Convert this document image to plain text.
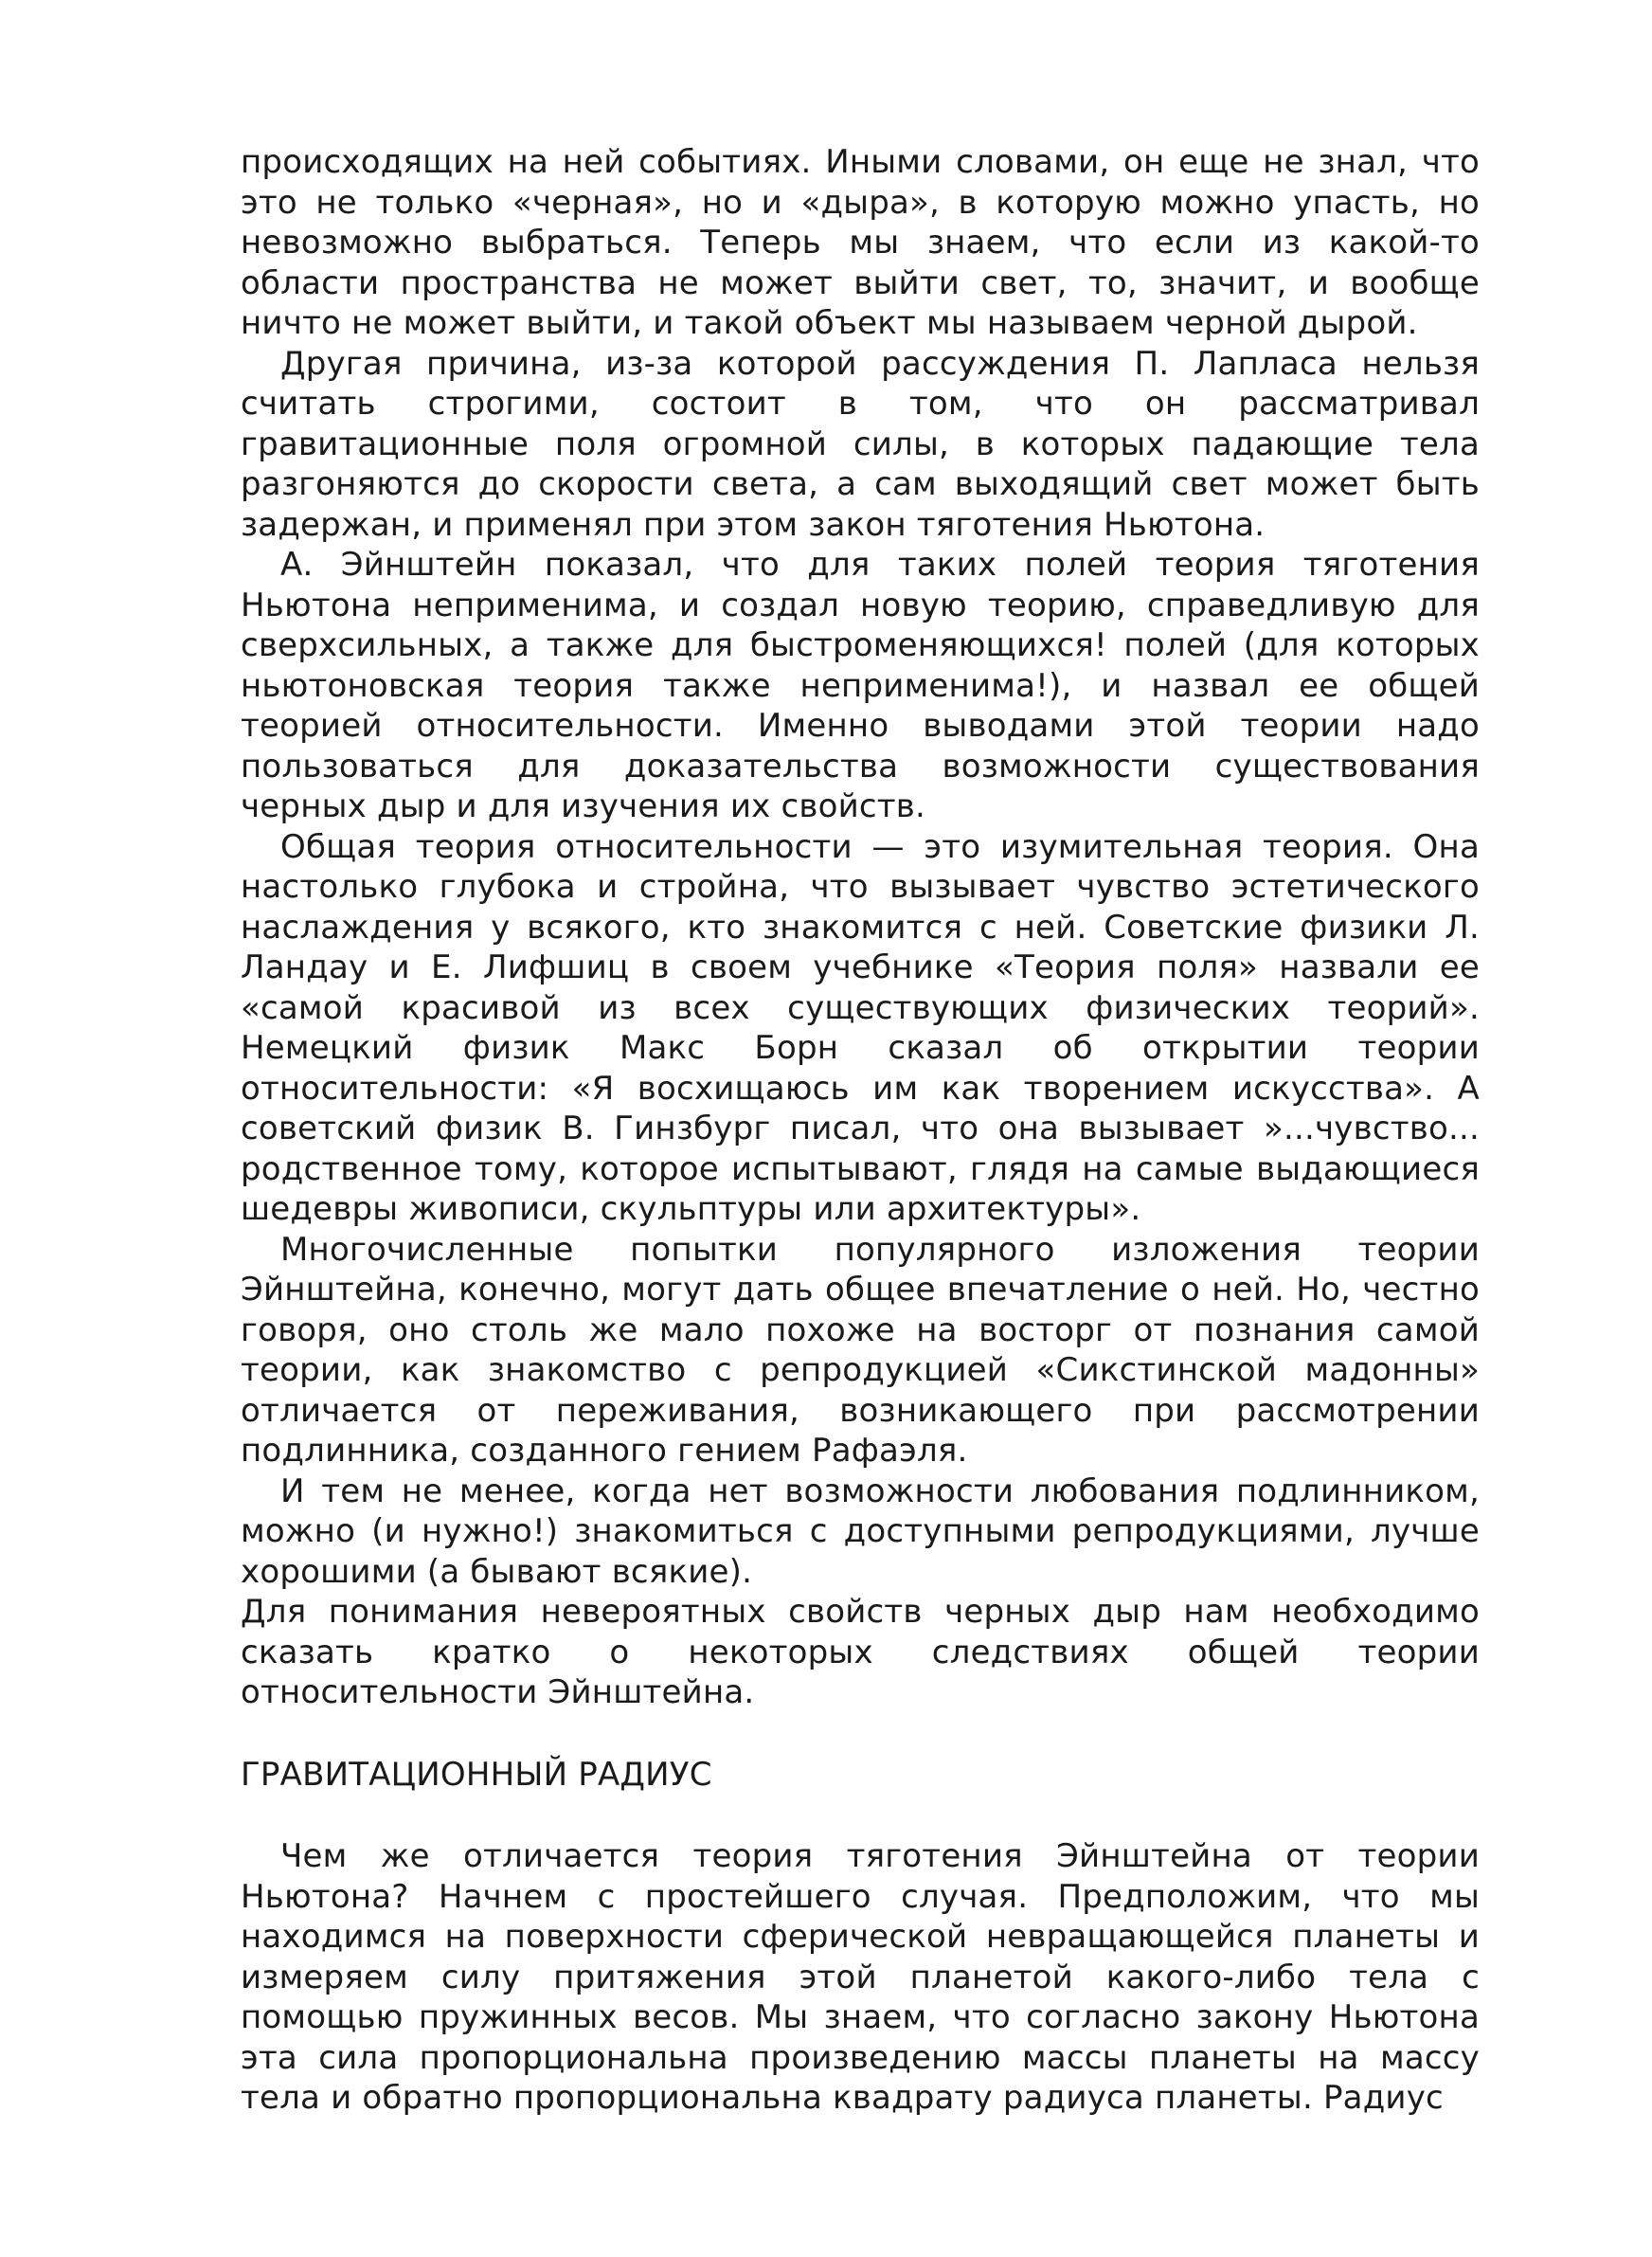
происходящих на ней событиях. Иными словами, он еще не знал, что это не только «черная», но и «дыра», в которую можно упасть, но невозможно выбраться. Теперь мы знаем, что если из какой-то области пространства не может выйти свет, то, значит, и вообще ничто не может выйти, и такой объект мы называем черной дырой.

Другая причина, из-за которой рассуждения П. Лапласа нельзя считать строгими, состоит в том, что он рассматривал гравитационные поля огромной силы, в которых падающие тела разгоняются до скорости света, а сам выходящий свет может быть задержан, и применял при этом закон тяготения Ньютона.

А. Эйнштейн показал, что для таких полей теория тяготения Ньютона неприменима, и создал новую теорию, справедливую для сверхсильных, а также для быстроменяющихся! полей (для которых ньютоновская теория также неприменима!), и назвал ее общей теорией относительности. Именно выводами этой теории надо пользоваться для доказательства возможности существования черных дыр и для изучения их свойств.

Общая теория относительности — это изумительная теория. Она настолько глубока и стройна, что вызывает чувство эстетического наслаждения у всякого, кто знакомится с ней. Советские физики Л. Ландау и Е. Лифшиц в своем учебнике «Теория поля» назвали ее «самой красивой из всех существующих физических теорий». Немецкий физик Макс Борн сказал об открытии теории относительности: «Я восхищаюсь им как творением искусства». А советский физик В. Гинзбург писал, что она вызывает »...чувство... родственное тому, которое испытывают, глядя на самые выдающиеся шедевры живописи, скульптуры или архитектуры».

Многочисленные попытки популярного изложения теории Эйнштейна, конечно, могут дать общее впечатление о ней. Но, честно говоря, оно столь же мало похоже на восторг от познания самой теории, как знакомство с репродукцией «Сикстинской мадонны» отличается от переживания, возникающего при рассмотрении подлинника, созданного гением Рафаэля.

И тем не менее, когда нет возможности любования подлинником, можно (и нужно!) знакомиться с доступными репродукциями, лучше хорошими (а бывают всякие).

Для понимания невероятных свойств черных дыр нам необходимо сказать кратко о некоторых следствиях общей теории относительности Эйнштейна.

ГРАВИТАЦИОННЫЙ РАДИУС

Чем же отличается теория тяготения Эйнштейна от теории Ньютона? Начнем с простейшего случая. Предположим, что мы находимся на поверхности сферической невращающейся планеты и измеряем силу притяжения этой планетой какого-либо тела с помощью пружинных весов. Мы знаем, что согласно закону Ньютона эта сила пропорциональна произведению массы планеты на массу тела и обратно пропорциональна квадрату радиуса планеты. Радиус
